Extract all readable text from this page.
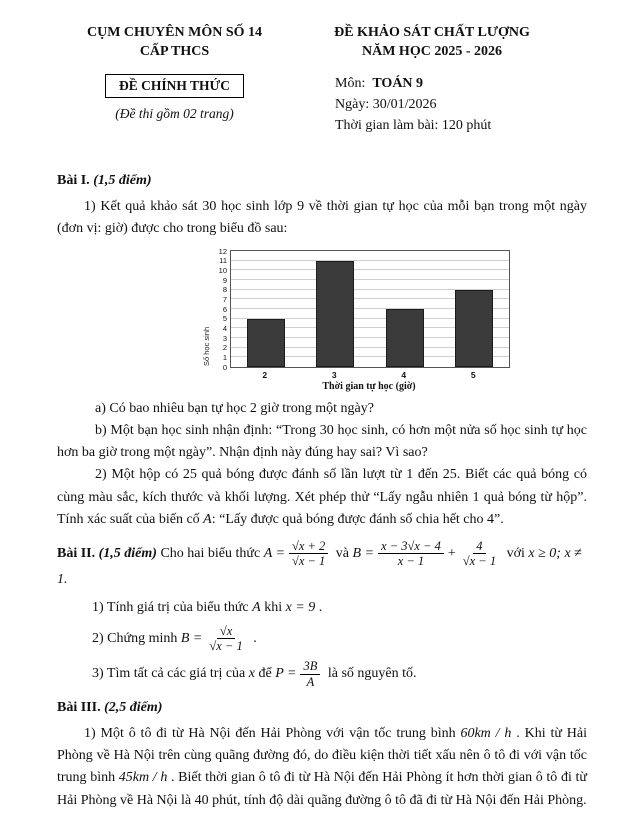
CỤM CHUYÊN MÔN SỐ 14
CẤP THCS
ĐỀ CHÍNH THỨC
(Đề thi gồm 02 trang)
ĐỀ KHẢO SÁT CHẤT LƯỢNG
NĂM HỌC 2025 - 2026
Môn: TOÁN 9
Ngày: 30/01/2026
Thời gian làm bài: 120 phút

Bài I. (1,5 điểm)

1) Kết quả khảo sát 30 học sinh lớp 9 về thời gian tự học của mỗi bạn trong một ngày (đơn vị: giờ) được cho trong biểu đồ sau:

Số học sinh
0
1
2
3
4
5
6
7
8
9
10
11
12
2	3	4	5
Thời gian tự học (giờ)

a) Có bao nhiêu bạn tự học 2 giờ trong một ngày?

b) Một bạn học sinh nhận định: “Trong 30 học sinh, có hơn một nửa số học sinh tự học hơn ba giờ trong một ngày”. Nhận định này đúng hay sai? Vì sao?

2) Một hộp có 25 quả bóng được đánh số lần lượt từ 1 đến 25. Biết các quả bóng có cùng màu sắc, kích thước và khối lượng. Xét phép thử “Lấy ngẫu nhiên 1 quả bóng từ hộp”. Tính xác suất của biến cố A: “Lấy được quả bóng được đánh số chia hết cho 4”.

Bài II. (1,5 điểm) Cho hai biểu thức $A = \frac{√x + 2}{√x - 1}$ và $B = \frac{x - 3√x - 4}{x - 1} + \frac{4}{√x - 1}$ với x ≥ 0; x ≠ 1.

1) Tính giá trị của biểu thức A khi x = 9 .

2) Chứng minh $B = \frac{√x}{√x - 1}$ .

3) Tìm tất cả các giá trị của x để $P = \frac{3B}{A}$ là số nguyên tố.

Bài III. (2,5 điểm)

1) Một ô tô đi từ Hà Nội đến Hải Phòng với vận tốc trung bình 60km / h . Khi từ Hải Phòng về Hà Nội trên cùng quãng đường đó, do điều kiện thời tiết xấu nên ô tô đi với vận tốc trung bình 45km / h . Biết thời gian ô tô đi từ Hà Nội đến Hải Phòng ít hơn thời gian ô tô đi từ Hải Phòng về Hà Nội là 40 phút, tính độ dài quãng đường ô tô đã đi từ Hà Nội đến Hải Phòng.
